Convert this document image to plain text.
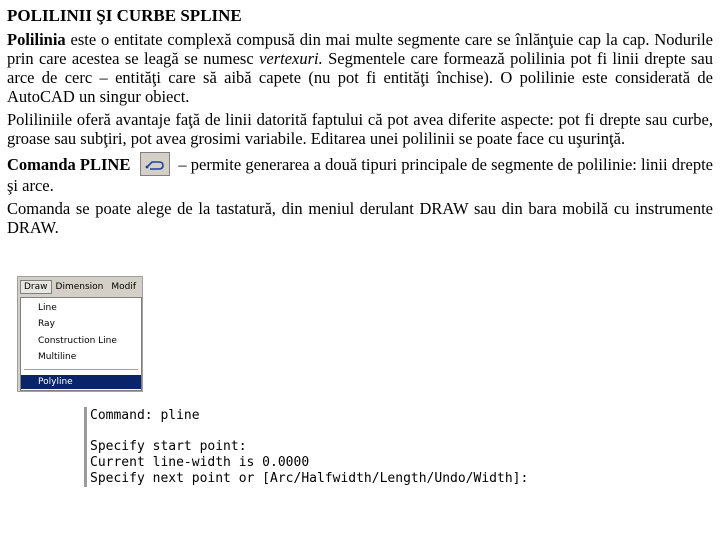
POLILINII ŞI CURBE SPLINE

Polilinia este o entitate complexă compusă din mai multe segmente care se înlănţuie cap la cap. Nodurile prin care acestea se leagă se numesc vertexuri. Segmentele care formează polilinia pot fi linii drepte sau arce de cerc – entităţi care să aibă capete (nu pot fi entităţi închise). O polilinie este considerată de AutoCAD un singur obiect.

Poliliniile oferă avantaje faţă de linii datorită faptului că pot avea diferite aspecte: pot fi drepte sau curbe, groase sau subţiri, pot avea grosimi variabile. Editarea unei polilinii se poate face cu uşurinţă.

Comanda PLINE	– permite generarea a două tipuri principale de segmente de polilinie: linii drepte şi arce.

Comanda se poate alege de la tastatură, din meniul derulant DRAW sau din bara mobilă cu instrumente DRAW.

Draw Dimension Modif
Line
Ray
Construction Line
Multiline
Polyline
Command: pline
Specify start point:
Current line-width is 0.0000
Specify next point or [Arc/Halfwidth/Length/Undo/Width]:
